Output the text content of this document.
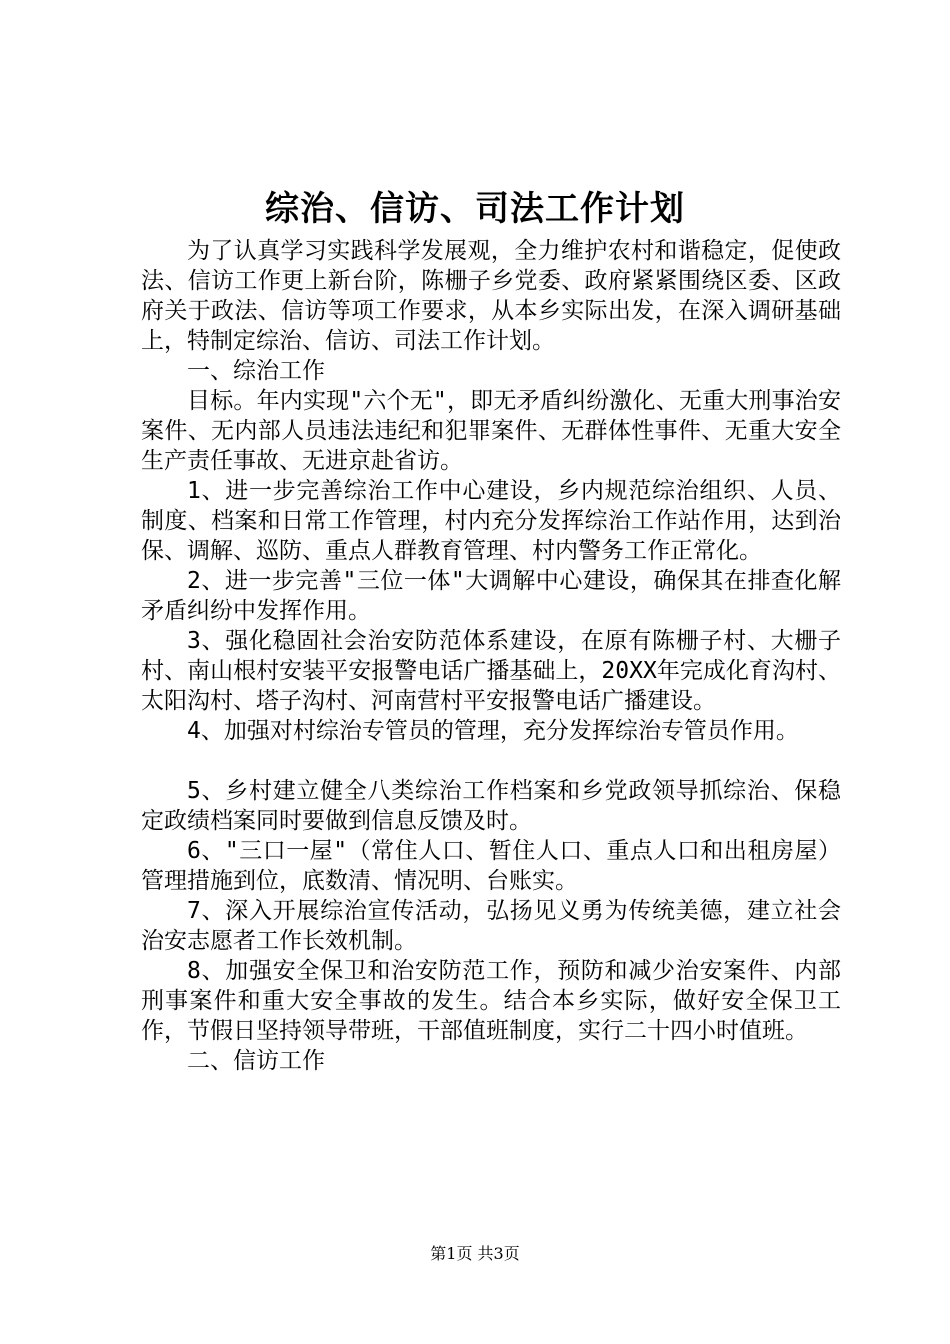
综治、信访、司法工作计划

为了认真学习实践科学发展观，全力维护农村和谐稳定，促使政法、信访工作更上新台阶，陈栅子乡党委、政府紧紧围绕区委、区政府关于政法、信访等项工作要求，从本乡实际出发，在深入调研基础上，特制定综治、信访、司法工作计划。

一、综治工作

目标。年内实现"六个无"，即无矛盾纠纷激化、无重大刑事治安案件、无内部人员违法违纪和犯罪案件、无群体性事件、无重大安全生产责任事故、无进京赴省访。

1、进一步完善综治工作中心建设，乡内规范综治组织、人员、制度、档案和日常工作管理，村内充分发挥综治工作站作用，达到治保、调解、巡防、重点人群教育管理、村内警务工作正常化。

2、进一步完善"三位一体"大调解中心建设，确保其在排查化解矛盾纠纷中发挥作用。

3、强化稳固社会治安防范体系建设，在原有陈栅子村、大栅子村、南山根村安装平安报警电话广播基础上，20XX年完成化育沟村、太阳沟村、塔子沟村、河南营村平安报警电话广播建设。

4、加强对村综治专管员的管理，充分发挥综治专管员作用。

5、乡村建立健全八类综治工作档案和乡党政领导抓综治、保稳定政绩档案同时要做到信息反馈及时。

6、"三口一屋"（常住人口、暂住人口、重点人口和出租房屋）管理措施到位，底数清、情况明、台账实。

7、深入开展综治宣传活动，弘扬见义勇为传统美德，建立社会治安志愿者工作长效机制。

8、加强安全保卫和治安防范工作，预防和减少治安案件、内部刑事案件和重大安全事故的发生。结合本乡实际，做好安全保卫工作，节假日坚持领导带班，干部值班制度，实行二十四小时值班。

二、信访工作

第1页 共3页
